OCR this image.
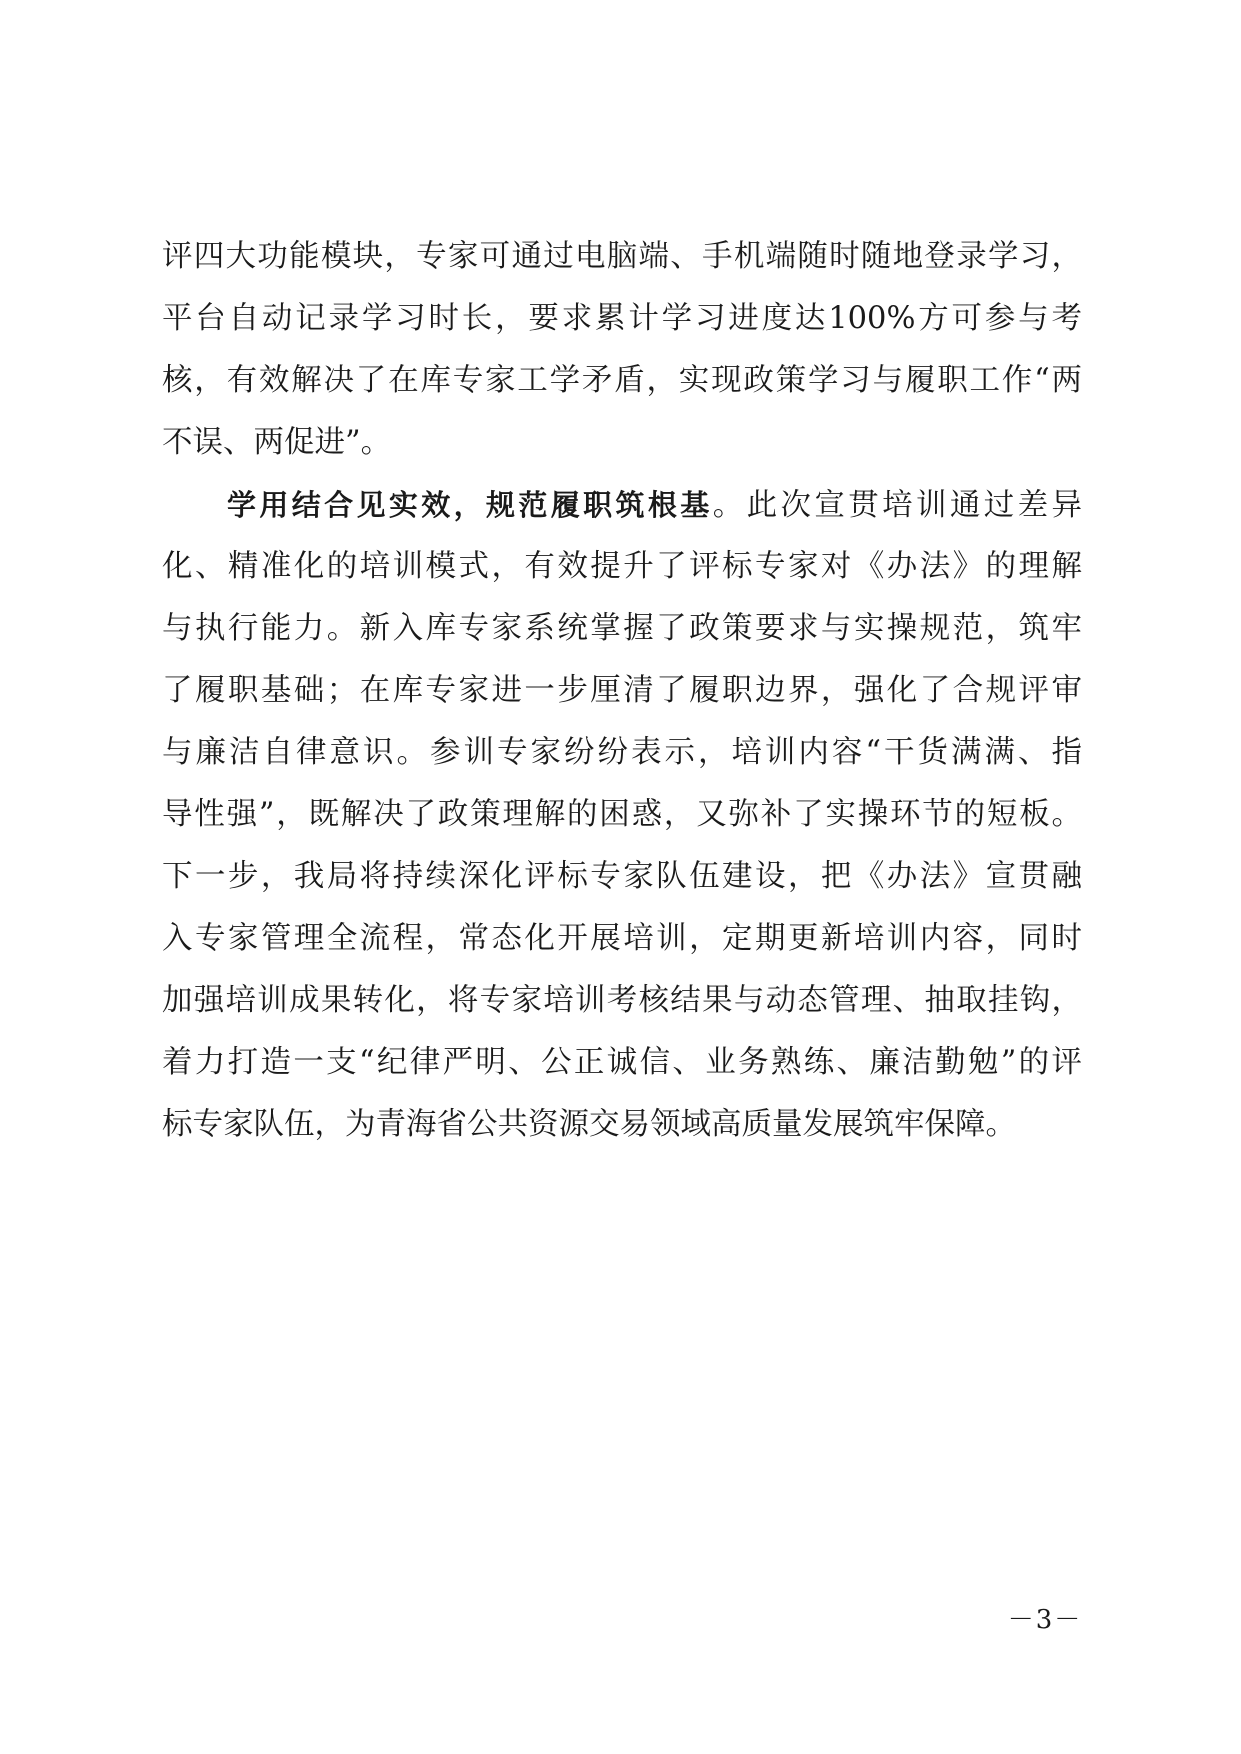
评四大功能模块，专家可通过电脑端、手机端随时随地登录学习，
平台自动记录学习时长，要求累计学习进度达100%方可参与考
核，有效解决了在库专家工学矛盾，实现政策学习与履职工作“两
不误、两促进”。
学用结合见实效，规范履职筑根基。此次宣贯培训通过差异
化、精准化的培训模式，有效提升了评标专家对《办法》的理解
与执行能力。新入库专家系统掌握了政策要求与实操规范，筑牢
了履职基础；在库专家进一步厘清了履职边界，强化了合规评审
与廉洁自律意识。参训专家纷纷表示，培训内容“干货满满、指
导性强”，既解决了政策理解的困惑，又弥补了实操环节的短板。
下一步，我局将持续深化评标专家队伍建设，把《办法》宣贯融
入专家管理全流程，常态化开展培训，定期更新培训内容，同时
加强培训成果转化，将专家培训考核结果与动态管理、抽取挂钩，
着力打造一支“纪律严明、公正诚信、业务熟练、廉洁勤勉”的评
标专家队伍，为青海省公共资源交易领域高质量发展筑牢保障。
－3－
